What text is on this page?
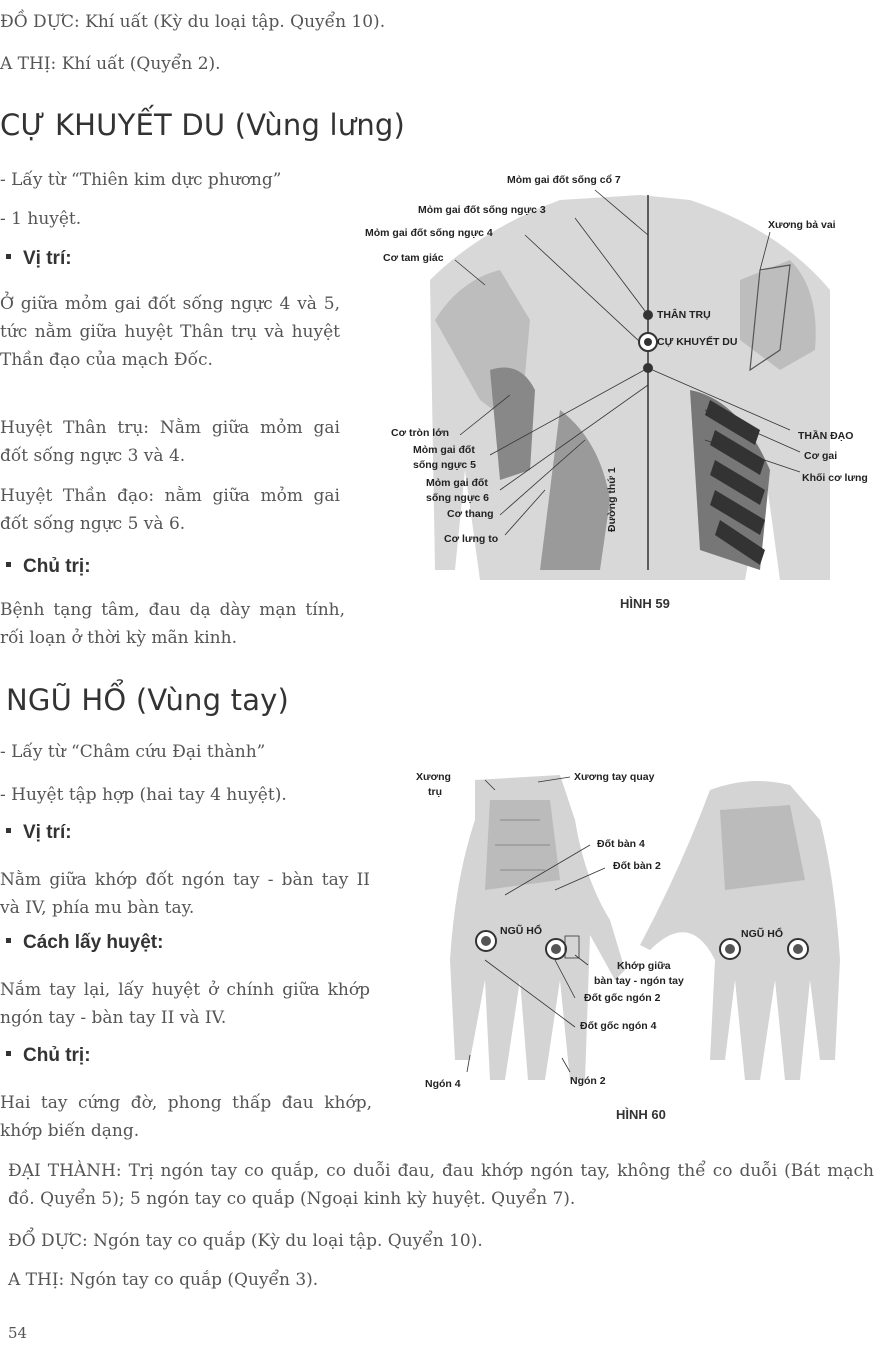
ĐỒ DỰC: Khí uất (Kỳ du loại tập. Quyển 10).

A THỊ: Khí uất (Quyển 2).

CỰ KHUYẾT DU (Vùng lưng)

- Lấy từ “Thiên kim dực phương”

- 1 huyệt.

Vị trí:

Ở giữa mỏm gai đốt sống ngực 4 và 5, tức nằm giữa huyệt Thân trụ và huyệt Thần đạo của mạch Đốc.

Huyệt Thân trụ: Nằm giữa mỏm gai đốt sống ngực 3 và 4.

Huyệt Thần đạo: nằm giữa mỏm gai đốt sống ngực 5 và 6.

Chủ trị:

Bệnh tạng tâm, đau dạ dày mạn tính, rối loạn ở thời kỳ mãn kinh.

Mỏm gai đốt sống cổ 7
Mỏm gai đốt sống ngực 3
Mỏm gai đốt sống ngực 4
Xương bả vai
Cơ tam giác
THÂN TRỤ
CỰ KHUYẾT DU
Cơ tròn lớn
Mỏm gai đốt
sống ngực 5
Mỏm gai đốt
sống ngực 6
Cơ thang
Cơ lưng to
THẦN ĐẠO
Cơ gai
Khối cơ lưng
Đường thứ 1
HÌNH 59
NGŨ HỔ (Vùng tay)

- Lấy từ “Châm cứu Đại thành”

- Huyệt tập hợp (hai tay 4 huyệt).

Vị trí:

Nằm giữa khớp đốt ngón tay - bàn tay II và IV, phía mu bàn tay.

Cách lấy huyệt:

Nắm tay lại, lấy huyệt ở chính giữa khớp ngón tay - bàn tay II và IV.

Chủ trị:

Hai tay cứng đờ, phong thấp đau khớp, khớp biến dạng.

Xương
trụ
Xương tay quay
Đốt bàn 4
Đốt bàn 2
NGŨ HỔ	NGŨ HỔ
Khớp giữa
bàn tay - ngón tay
Đốt gốc ngón 2
Đốt gốc ngón 4
Ngón 4	Ngón 2
HÌNH 60

ĐẠI THÀNH: Trị ngón tay co quắp, co duỗi đau, đau khớp ngón tay, không thể co duỗi (Bát mạch đồ. Quyển 5); 5 ngón tay co quắp (Ngoại kinh kỳ huyệt. Quyển 7).

ĐỔ DỰC: Ngón tay co quắp (Kỳ du loại tập. Quyển 10).

A THỊ: Ngón tay co quắp (Quyển 3).

54
